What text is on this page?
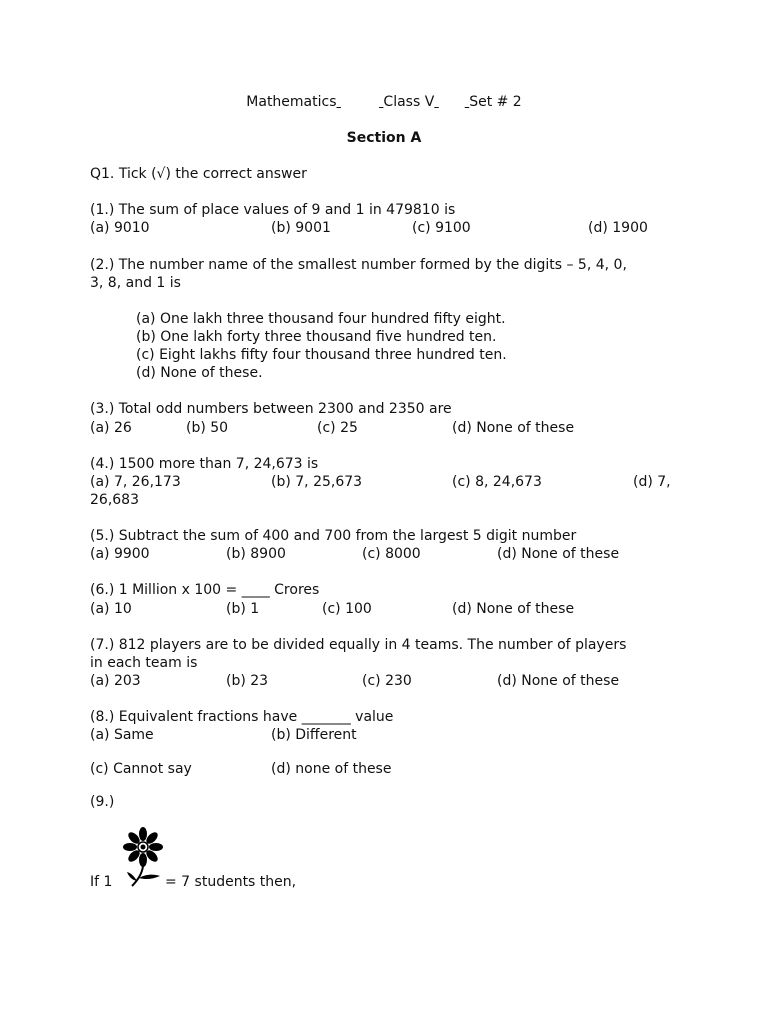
Mathematics	Class V Set # 2
Section A
Q1. Tick (√) the correct answer
(1.) The sum of place values of 9 and 1 in 479810 is
(a) 9010	(b) 9001	(c) 9100	(d) 1900
(2.) The number name of the smallest number formed by the digits – 5, 4, 0,
3, 8, and 1 is
(a) One lakh three thousand four hundred fifty eight.
(b) One lakh forty three thousand five hundred ten.
(c) Eight lakhs fifty four thousand three hundred ten.
(d) None of these.
(3.) Total odd numbers between 2300 and 2350 are
(a) 26	(b) 50	(c) 25	(d) None of these
(4.) 1500 more than 7, 24,673 is
(a) 7, 26,173	(b) 7, 25,673	(c) 8, 24,673	(d) 7,
26,683
(5.) Subtract the sum of 400 and 700 from the largest 5 digit number
(a) 9900	(b) 8900	(c) 8000	(d) None of these
(6.) 1 Million x 100 = ____ Crores
(a) 10	(b) 1	(c) 100	(d) None of these
(7.) 812 players are to be divided equally in 4 teams. The number of players
in each team is
(a) 203	(b) 23	(c) 230	(d) None of these
(8.) Equivalent fractions have _______ value
(a) Same	(b) Different
(c) Cannot say	(d) none of these
(9.)
If 1	= 7 students then,
